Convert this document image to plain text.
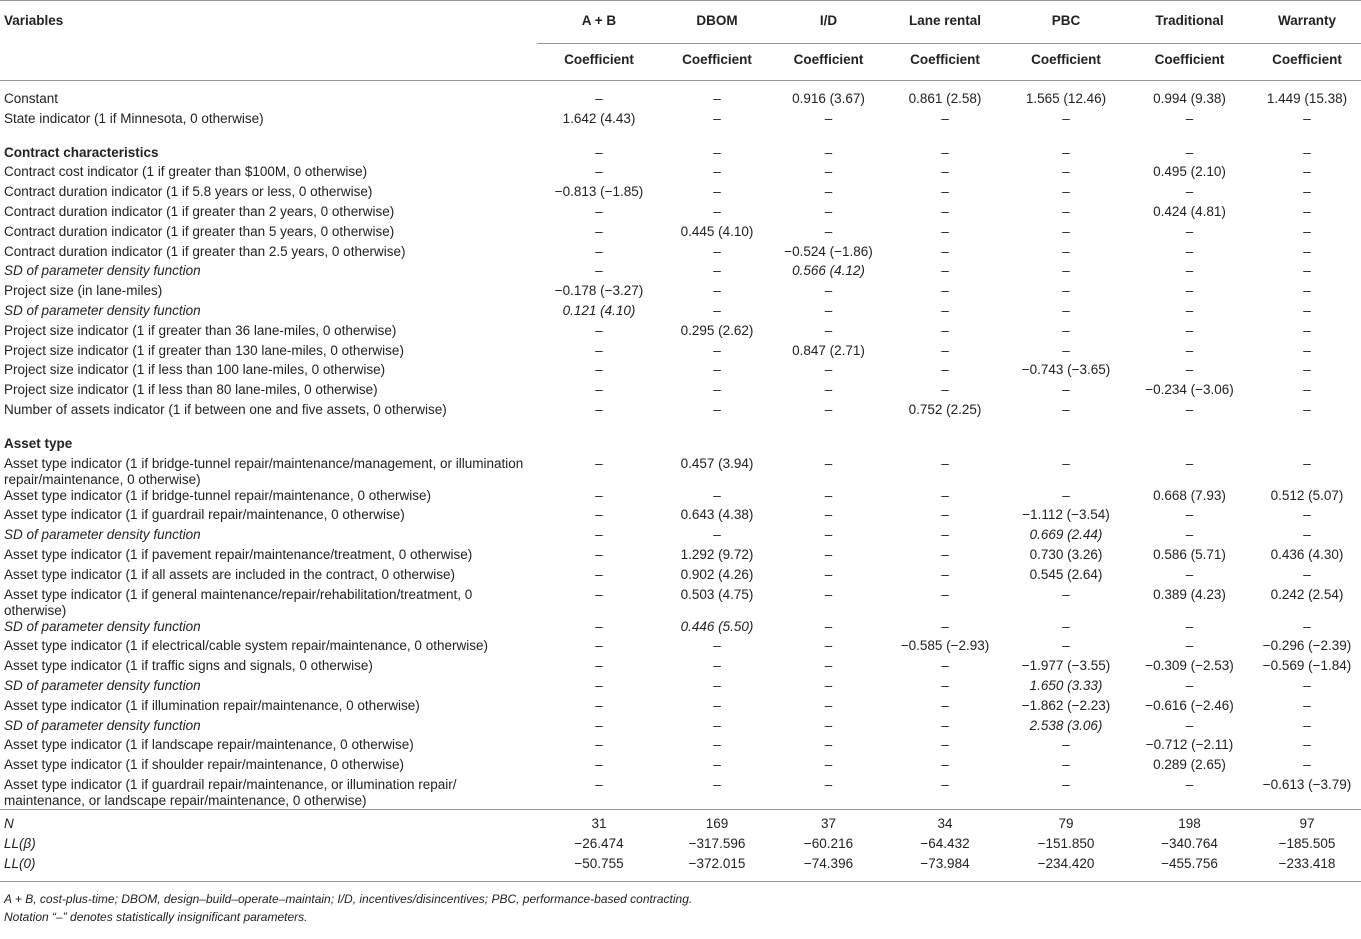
Variables	A + B	DBOM	I/D	Lane rental	PBC	Traditional	Warranty
	Coefficient	Coefficient	Coefficient	Coefficient	Coefficient	Coefficient	Coefficient
Constant	–	–	0.916 (3.67)	0.861 (2.58)	1.565 (12.46)	0.994 (9.38)	1.449 (15.38)
State indicator (1 if Minnesota, 0 otherwise)	1.642 (4.43)	–	–	–	–	–	–
Contract characteristics	–	–	–	–	–	–	–
Contract cost indicator (1 if greater than $100M, 0 otherwise)	–	–	–	–	–	0.495 (2.10)	–
Contract duration indicator (1 if 5.8 years or less, 0 otherwise)	−0.813 (−1.85)	–	–	–	–	–	–
Contract duration indicator (1 if greater than 2 years, 0 otherwise)	–	–	–	–	–	0.424 (4.81)	–
Contract duration indicator (1 if greater than 5 years, 0 otherwise)	–	0.445 (4.10)	–	–	–	–	–
Contract duration indicator (1 if greater than 2.5 years, 0 otherwise)	–	–	−0.524 (−1.86)	–	–	–	–
SD of parameter density function	–	–	0.566 (4.12)	–	–	–	–
Project size (in lane-miles)	−0.178 (−3.27)	–	–	–	–	–	–
SD of parameter density function	0.121 (4.10)	–	–	–	–	–	–
Project size indicator (1 if greater than 36 lane-miles, 0 otherwise)	–	0.295 (2.62)	–	–	–	–	–
Project size indicator (1 if greater than 130 lane-miles, 0 otherwise)	–	–	0.847 (2.71)	–	–	–	–
Project size indicator (1 if less than 100 lane-miles, 0 otherwise)	–	–	–	–	−0.743 (−3.65)	–	–
Project size indicator (1 if less than 80 lane-miles, 0 otherwise)	–	–	–	–	–	−0.234 (−3.06)	–
Number of assets indicator (1 if between one and five assets, 0 otherwise)	–	–	–	0.752 (2.25)	–	–	–
Asset type							
Asset type indicator (1 if bridge-tunnel repair/maintenance/management, or illumination repair/maintenance, 0 otherwise)	–	0.457 (3.94)	–	–	–	–	–
Asset type indicator (1 if bridge-tunnel repair/maintenance, 0 otherwise)	–	–	–	–	–	0.668 (7.93)	0.512 (5.07)
Asset type indicator (1 if guardrail repair/maintenance, 0 otherwise)	–	0.643 (4.38)	–	–	−1.112 (−3.54)	–	–
SD of parameter density function	–	–	–	–	0.669 (2.44)	–	–
Asset type indicator (1 if pavement repair/maintenance/treatment, 0 otherwise)	–	1.292 (9.72)	–	–	0.730 (3.26)	0.586 (5.71)	0.436 (4.30)
Asset type indicator (1 if all assets are included in the contract, 0 otherwise)	–	0.902 (4.26)	–	–	0.545 (2.64)	–	–
Asset type indicator (1 if general maintenance/repair/rehabilitation/treatment, 0 otherwise)	–	0.503 (4.75)	–	–	–	0.389 (4.23)	0.242 (2.54)
SD of parameter density function	–	0.446 (5.50)	–	–	–	–	–
Asset type indicator (1 if electrical/cable system repair/maintenance, 0 otherwise)	–	–	–	−0.585 (−2.93)	–	–	−0.296 (−2.39)
Asset type indicator (1 if traffic signs and signals, 0 otherwise)	–	–	–	–	−1.977 (−3.55)	−0.309 (−2.53)	−0.569 (−1.84)
SD of parameter density function	–	–	–	–	1.650 (3.33)	–	–
Asset type indicator (1 if illumination repair/maintenance, 0 otherwise)	–	–	–	–	−1.862 (−2.23)	−0.616 (−2.46)	–
SD of parameter density function	–	–	–	–	2.538 (3.06)	–	–
Asset type indicator (1 if landscape repair/maintenance, 0 otherwise)	–	–	–	–	–	−0.712 (−2.11)	–
Asset type indicator (1 if shoulder repair/maintenance, 0 otherwise)	–	–	–	–	–	0.289 (2.65)	–
Asset type indicator (1 if guardrail repair/maintenance, or illumination repair/ maintenance, or landscape repair/maintenance, 0 otherwise)	–	–	–	–	–	–	−0.613 (−3.79)
N	31	169	37	34	79	198	97
LL(β)	−26.474	−317.596	−60.216	−64.432	−151.850	−340.764	−185.505
LL(0)	−50.755	−372.015	−74.396	−73.984	−234.420	−455.756	−233.418
A + B, cost-plus-time; DBOM, design–build–operate–maintain; I/D, incentives/disincentives; PBC, performance-based contracting.
Notation “–” denotes statistically insignificant parameters.
